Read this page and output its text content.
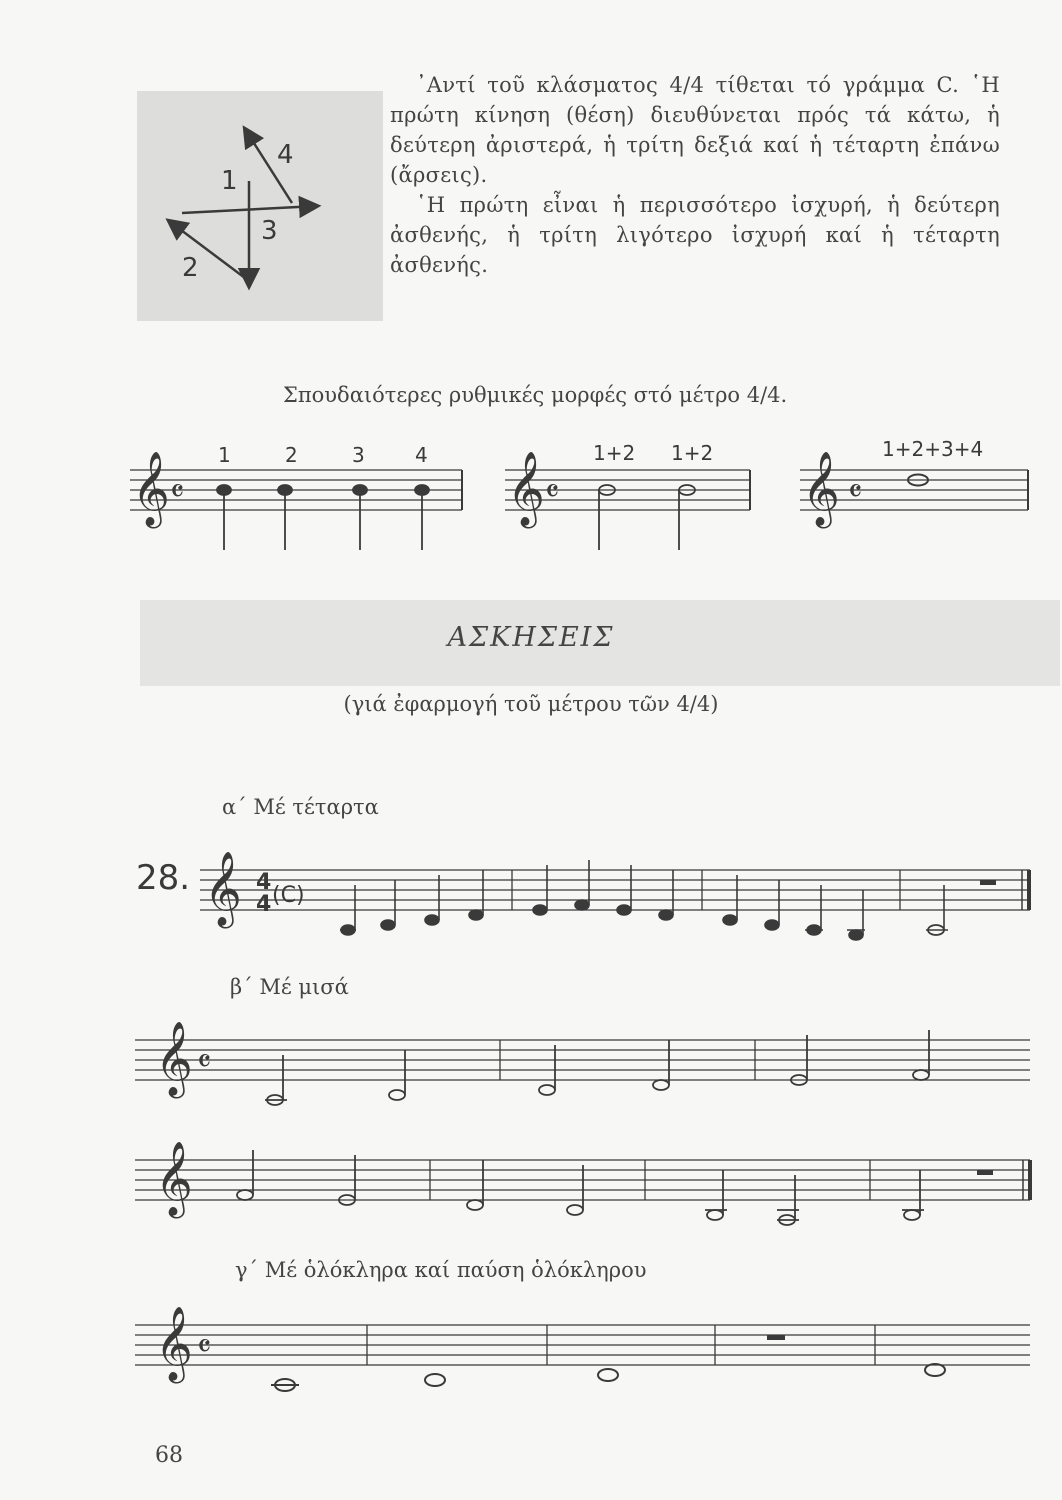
1
2
3
4

᾿Αντί τοῦ κλάσματος 4/4 τίθεται τό γράμμα C. ῾Η πρώτη κίνηση (θέση) διευθύνεται πρός τά κάτω, ἡ δεύτερη ἀριστερά, ἡ τρίτη δεξιά καί ἡ τέταρτη ἐπάνω (ἄρσεις).

῾Η πρώτη εἶναι ἡ περισσότερο ἰσχυρή, ἡ δεύτερη ἀσθενής, ἡ τρίτη λιγότερο ἰσχυρή καί ἡ τέταρτη ἀσθενής.

Σπουδαιότερες ρυθμικές μορφές στό μέτρο 4/4.
𝄞 𝄴
1	2	3	4 𝄞 𝄴
1+2 1+2 𝄞 𝄴
1+2+3+4
ΑΣΚΗΣΕΙΣ
(γιά ἐφαρμογή τοῦ μέτρου τῶν 4/4)
α´ Μέ τέταρτα
28. 𝄞 4
4 (C)
β´ Μέ μισά
𝄞 𝄴
𝄞
γ´ Μέ ὁλόκληρα καί παύση ὁλόκληρου
𝄞 𝄴
68
